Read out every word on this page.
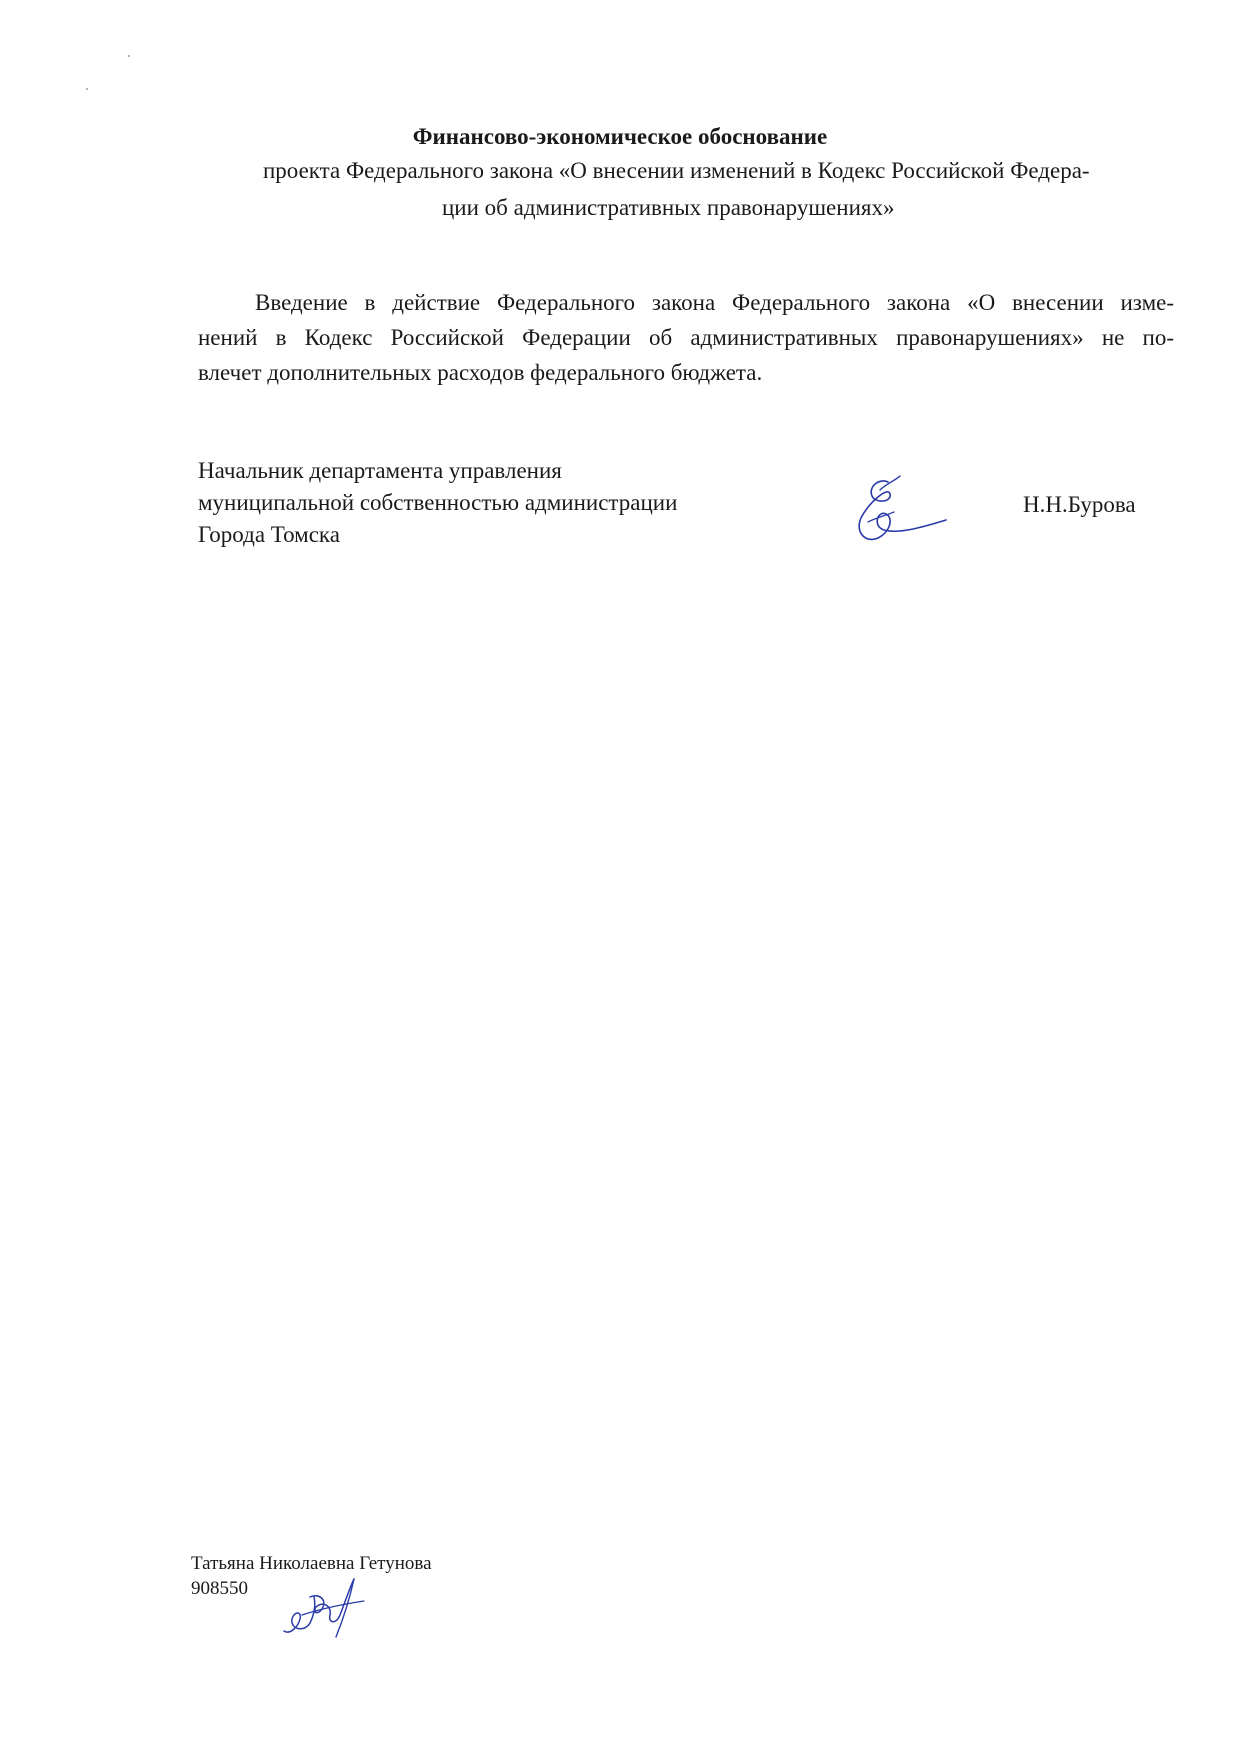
Финансово-экономическое обоснование
проекта Федерального закона «О внесении изменений в Кодекс Российской Федера-
ции об административных правонарушениях»
Введение в действие Федерального закона Федерального закона «О внесении изме-
нений в Кодекс Российской Федерации об административных правонарушениях» не по-
влечет дополнительных расходов федерального бюджета.
Начальник департамента управления
муниципальной собственностью администрации
Города Томска
Н.Н.Бурова
Татьяна Николаевна Гетунова
908550
